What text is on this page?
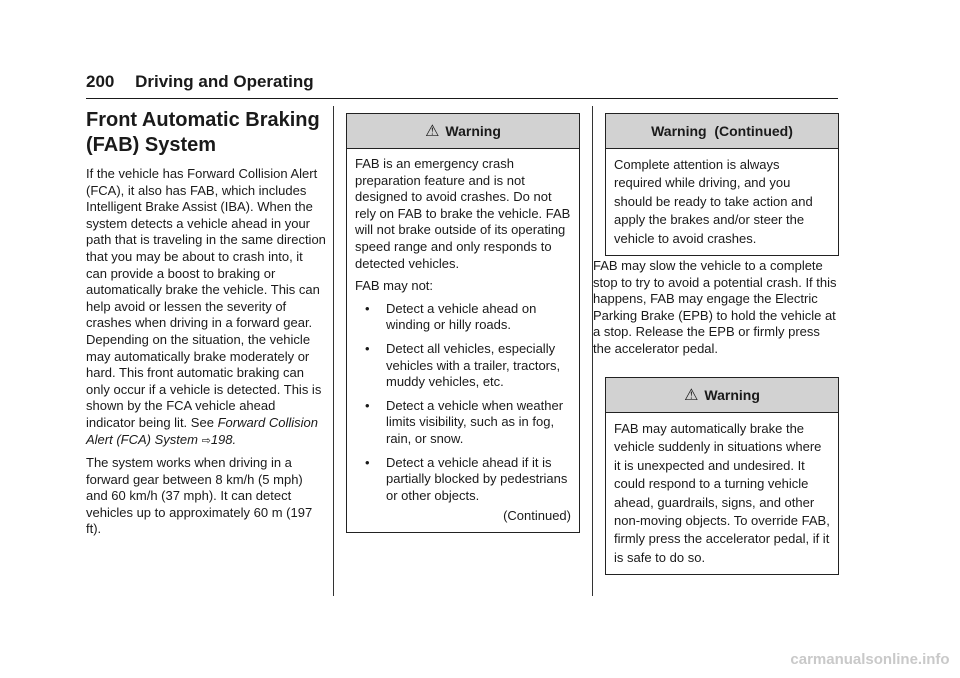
200 Driving and Operating
Front Automatic Braking
(FAB) System

If the vehicle has Forward Collision Alert (FCA), it also has FAB, which includes Intelligent Brake Assist (IBA). When the system detects a vehicle ahead in your path that is traveling in the same direction that you may be about to crash into, it can provide a boost to braking or automatically brake the vehicle. This can help avoid or lessen the severity of crashes when driving in a forward gear. Depending on the situation, the vehicle may automatically brake moderately or hard. This front automatic braking can only occur if a vehicle is detected. This is shown by the FCA vehicle ahead indicator being lit. See Forward Collision Alert (FCA) System ⇨198.

The system works when driving in a forward gear between 8 km/h (5 mph) and 60 km/h (37 mph). It can detect vehicles up to approximately 60 m (197 ft).

⚠ Warning

FAB is an emergency crash preparation feature and is not designed to avoid crashes. Do not rely on FAB to brake the vehicle. FAB will not brake outside of its operating speed range and only responds to detected vehicles.

FAB may not:

• Detect a vehicle ahead on winding or hilly roads.
• Detect all vehicles, especially vehicles with a trailer, tractors, muddy vehicles, etc.
• Detect a vehicle when weather limits visibility, such as in fog, rain, or snow.
• Detect a vehicle ahead if it is partially blocked by pedestrians or other objects.
(Continued)
Warning  (Continued)

Complete attention is always required while driving, and you should be ready to take action and apply the brakes and/or steer the vehicle to avoid crashes.

FAB may slow the vehicle to a complete stop to try to avoid a potential crash. If this happens, FAB may engage the Electric Parking Brake (EPB) to hold the vehicle at a stop. Release the EPB or firmly press the accelerator pedal.

⚠ Warning

FAB may automatically brake the vehicle suddenly in situations where it is unexpected and undesired. It could respond to a turning vehicle ahead, guardrails, signs, and other non-moving objects. To override FAB, firmly press the accelerator pedal, if it is safe to do so.

carmanualsonline.info
